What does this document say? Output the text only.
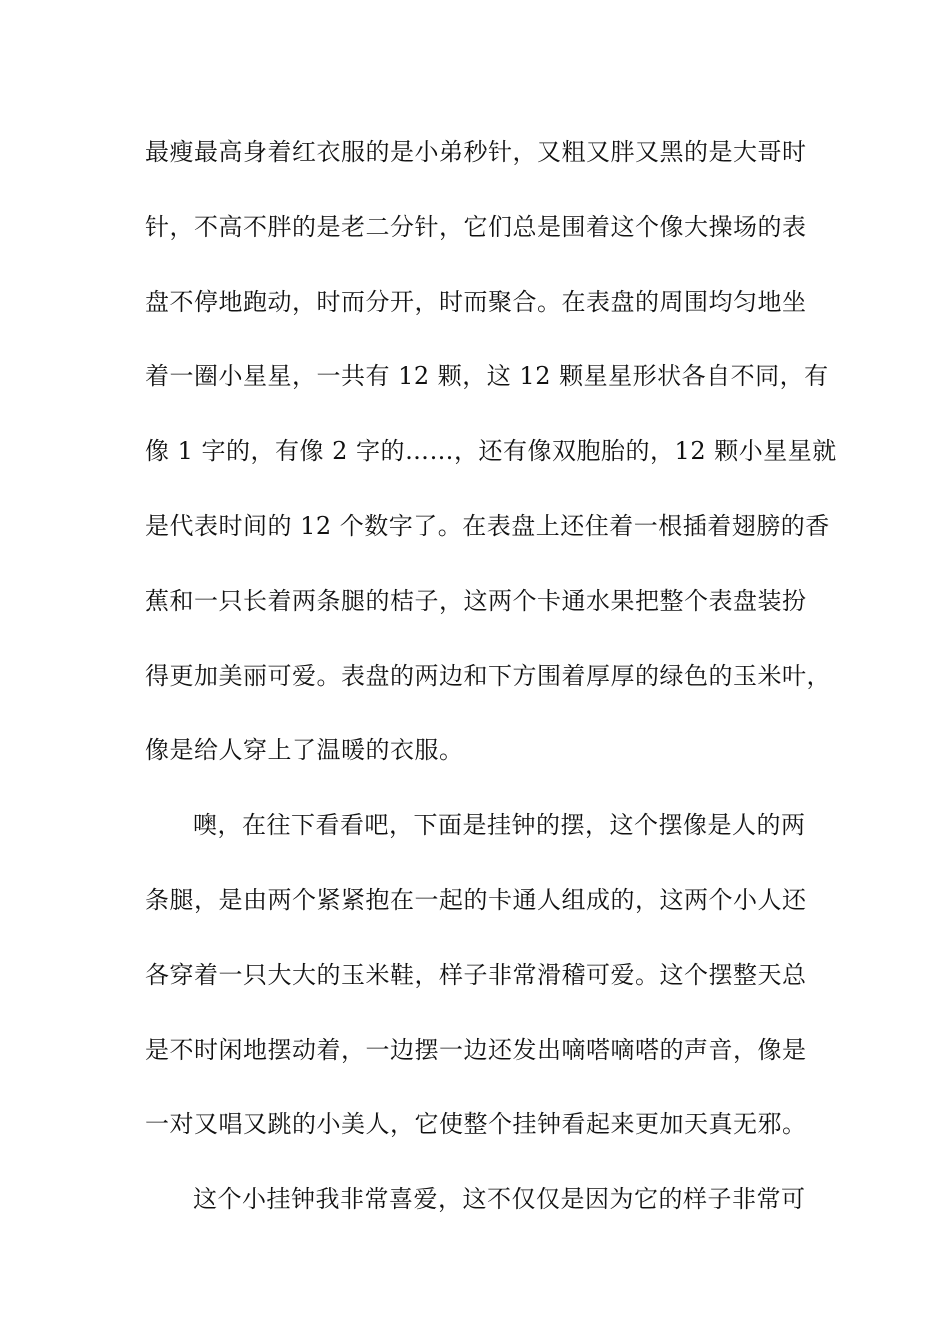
最瘦最高身着红衣服的是小弟秒针，又粗又胖又黑的是大哥时
针，不高不胖的是老二分针，它们总是围着这个像大操场的表
盘不停地跑动，时而分开，时而聚合。在表盘的周围均匀地坐
着一圈小星星，一共有 12 颗，这 12 颗星星形状各自不同，有
像 1 字的，有像 2 字的……，还有像双胞胎的，12 颗小星星就
是代表时间的 12 个数字了。在表盘上还住着一根插着翅膀的香
蕉和一只长着两条腿的桔子，这两个卡通水果把整个表盘装扮
得更加美丽可爱。表盘的两边和下方围着厚厚的绿色的玉米叶，
像是给人穿上了温暖的衣服。
噢，在往下看看吧，下面是挂钟的摆，这个摆像是人的两
条腿，是由两个紧紧抱在一起的卡通人组成的，这两个小人还
各穿着一只大大的玉米鞋，样子非常滑稽可爱。这个摆整天总
是不时闲地摆动着，一边摆一边还发出嘀嗒嘀嗒的声音，像是
一对又唱又跳的小美人，它使整个挂钟看起来更加天真无邪。
这个小挂钟我非常喜爱，这不仅仅是因为它的样子非常可
